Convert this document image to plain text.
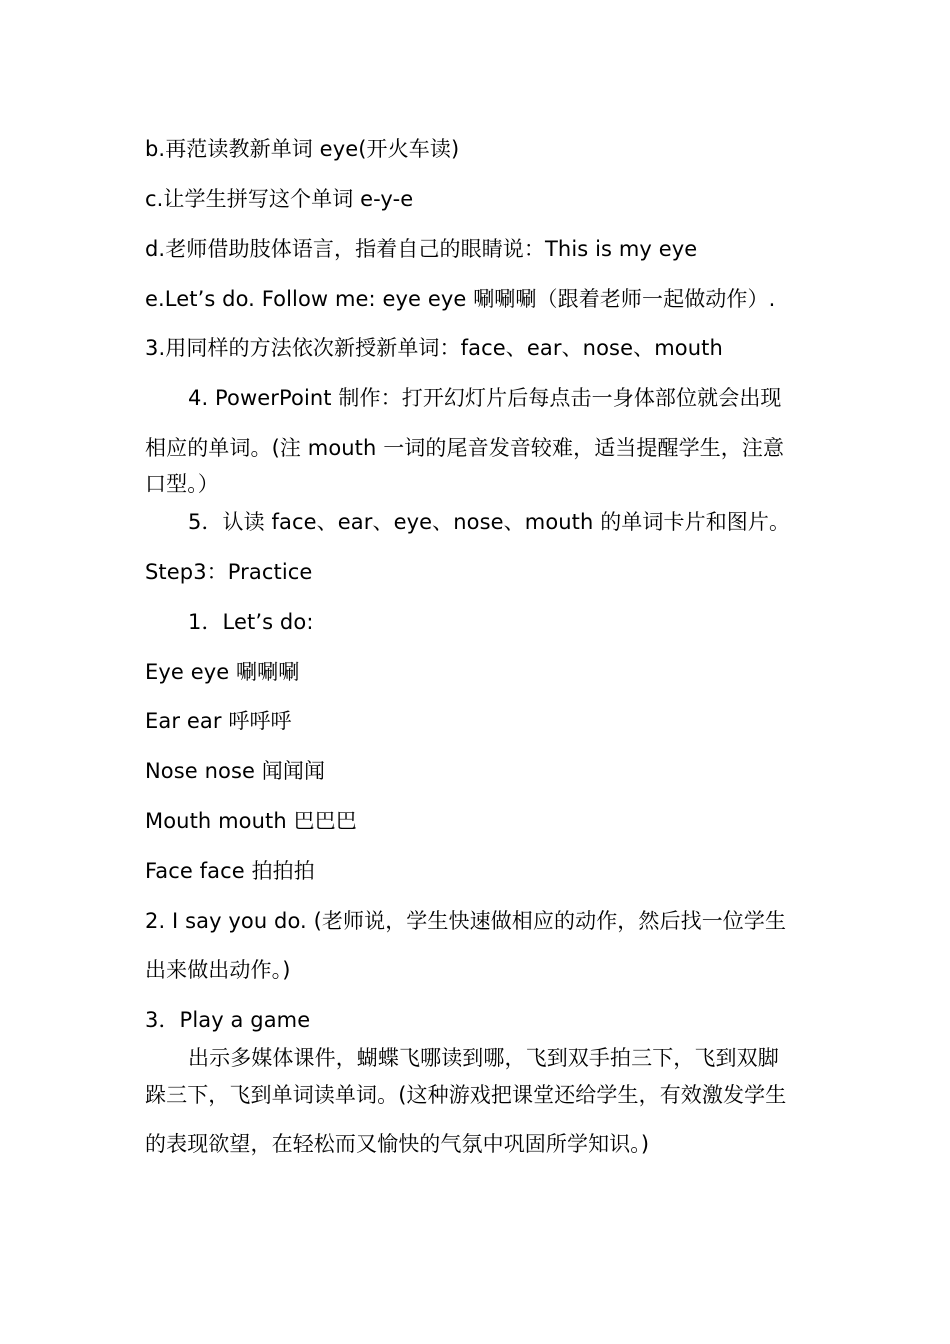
b.再范读教新单词 eye(开火车读)
c.让学生拼写这个单词 e-y-e
d.老师借助肢体语言，指着自己的眼睛说：This is my eye
e.Let’s do. Follow me: eye eye 唰唰唰（跟着老师一起做动作）.
3.用同样的方法依次新授新单词：face、ear、nose、mouth
4. PowerPoint 制作：打开幻灯片后每点击一身体部位就会出现
相应的单词。(注 mouth 一词的尾音发音较难，适当提醒学生，注意
口型。）
5．认读 face、ear、eye、nose、mouth 的单词卡片和图片。
Step3：Practice
1．Let’s do:
Eye eye 唰唰唰
Ear ear 呼呼呼
Nose nose 闻闻闻
Mouth mouth 巴巴巴
Face face 拍拍拍
2. I say you do. (老师说，学生快速做相应的动作，然后找一位学生
出来做出动作。)
3．Play a game
出示多媒体课件，蝴蝶飞哪读到哪，飞到双手拍三下，飞到双脚
跺三下，飞到单词读单词。(这种游戏把课堂还给学生，有效激发学生
的表现欲望，在轻松而又愉快的气氛中巩固所学知识。)
